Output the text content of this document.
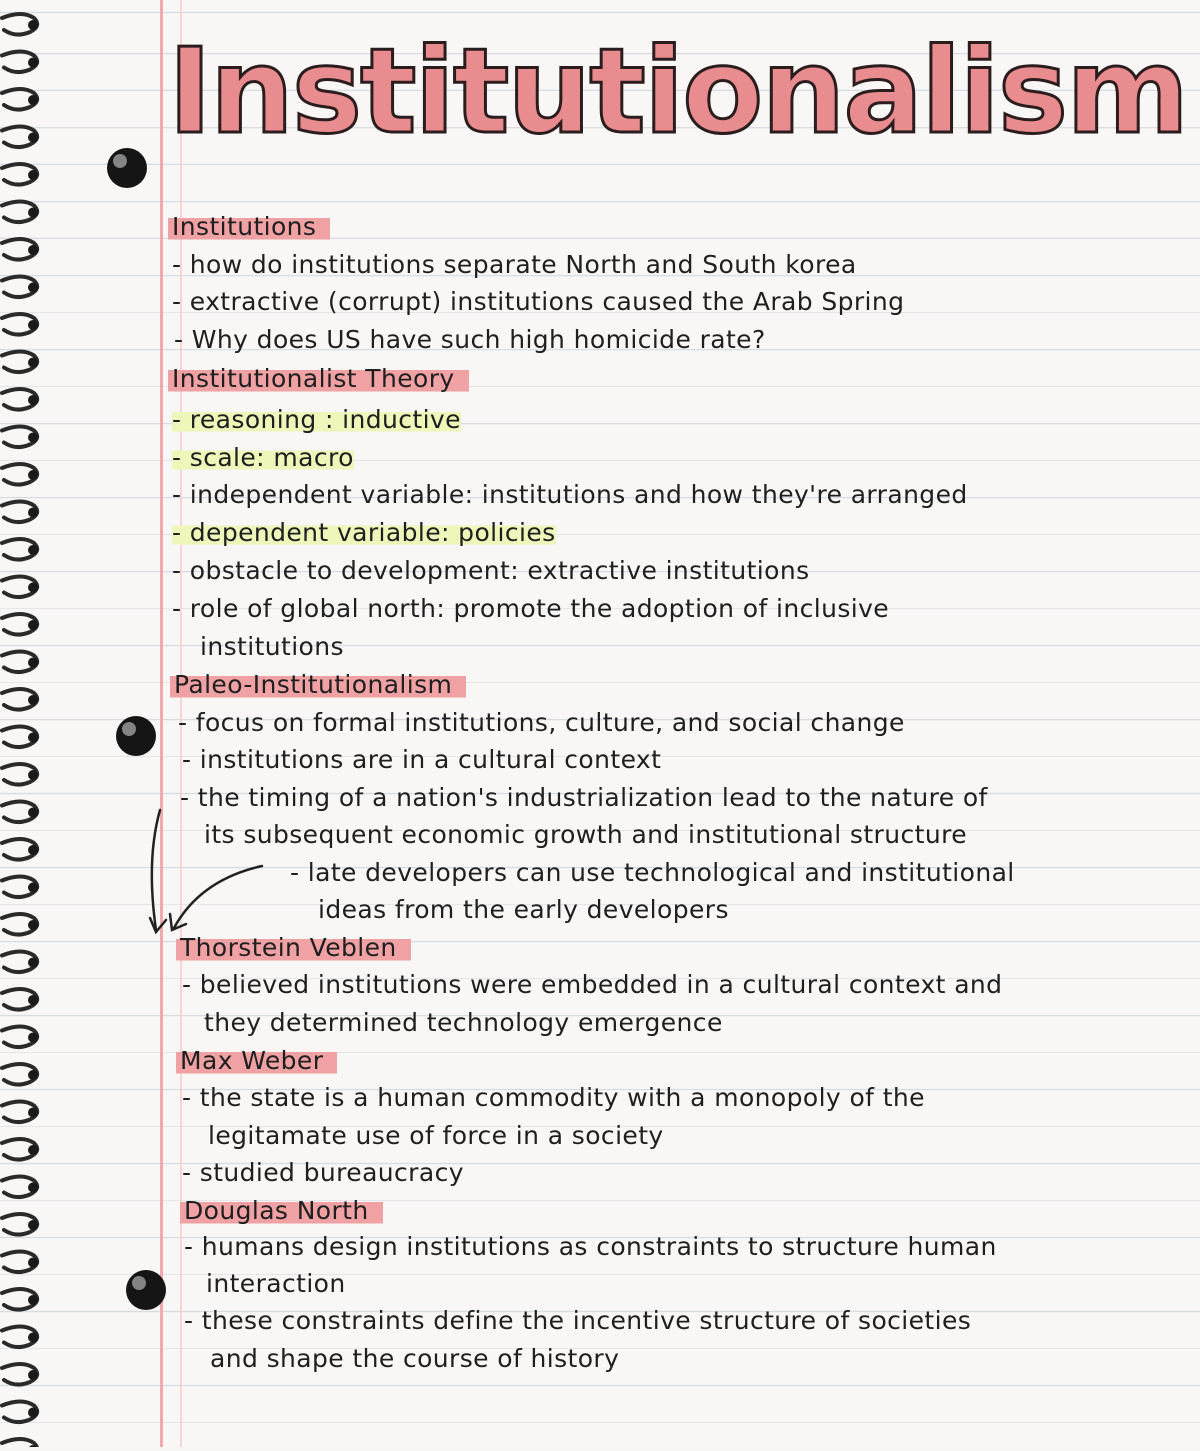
Institutionalism

Institutions

- how do institutions separate North and South korea

- extractive (corrupt) institutions caused the Arab Spring

- Why does US have such high homicide rate?

Institutionalist Theory

- reasoning : inductive

- scale: macro

- independent variable: institutions and how they're arranged

- dependent variable: policies

- obstacle to development: extractive institutions

- role of global north: promote the adoption of inclusive

institutions

Paleo-Institutionalism

- focus on formal institutions, culture, and social change

- institutions are in a cultural context

- the timing of a nation's industrialization lead to the nature of

its subsequent economic growth and institutional structure

- late developers can use technological and institutional

ideas from the early developers

Thorstein Veblen

- believed institutions were embedded in a cultural context and

they determined technology emergence

Max Weber

- the state is a human commodity with a monopoly of the

legitamate use of force in a society

- studied bureaucracy

Douglas North

- humans design institutions as constraints to structure human

interaction

- these constraints define the incentive structure of societies

and shape the course of history
